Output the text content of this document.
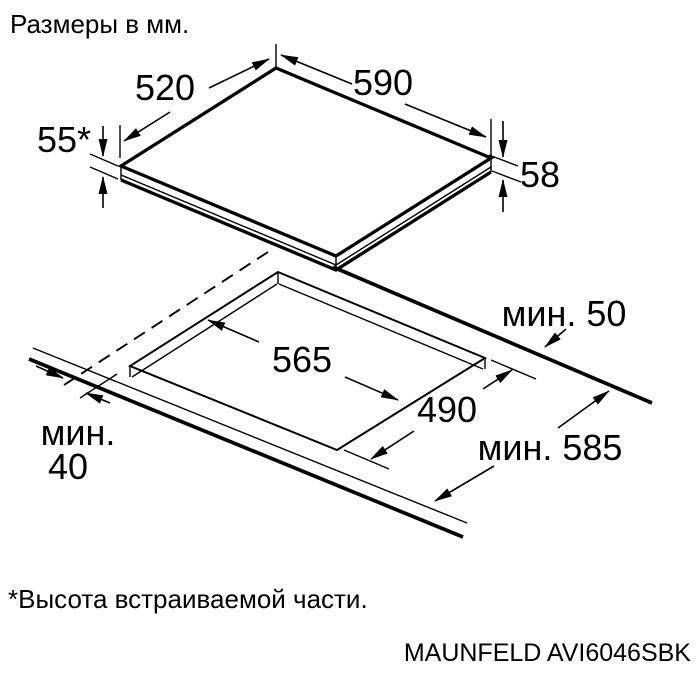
Размеры в мм.
520	590
55*
58
565
490
мин. 50
мин. 585
мин.
40
*Высота встраиваемой части.
MAUNFELD AVI6046SBK
